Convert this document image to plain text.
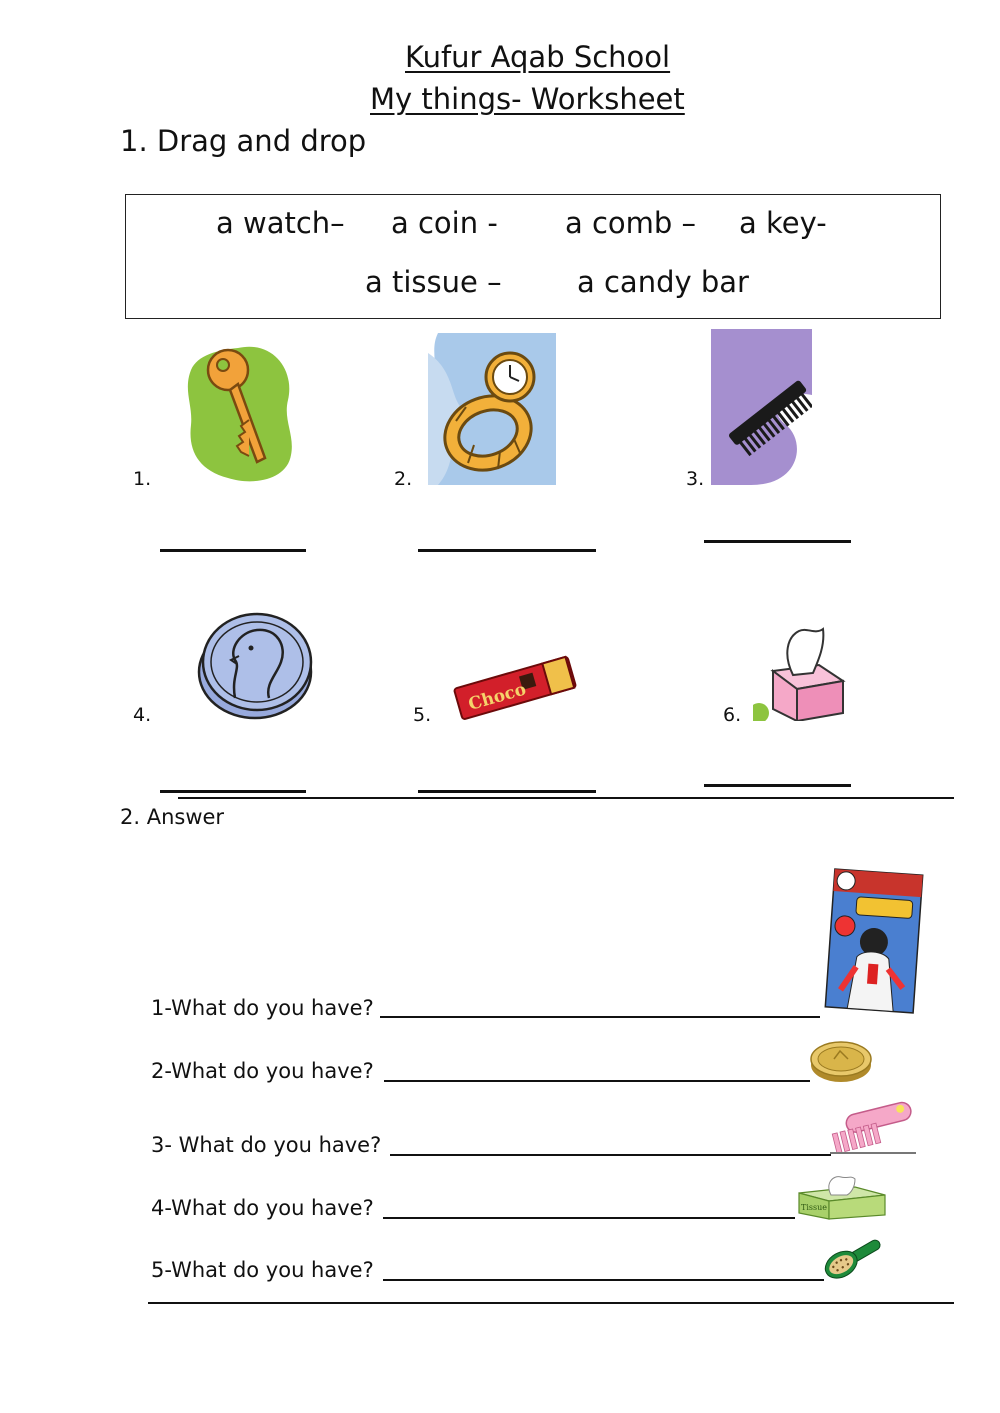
Kufur Aqab School
My things- Worksheet
1. Drag and drop
a watch– a coin - a comb – a key-
a tissue –	a candy bar
1.	2.	3.
4.
Choco
5.	6.
2. Answer
1-What do you have?
2-What do you have?
3- What do you have?
Tissue
4-What do you have?
5-What do you have?
